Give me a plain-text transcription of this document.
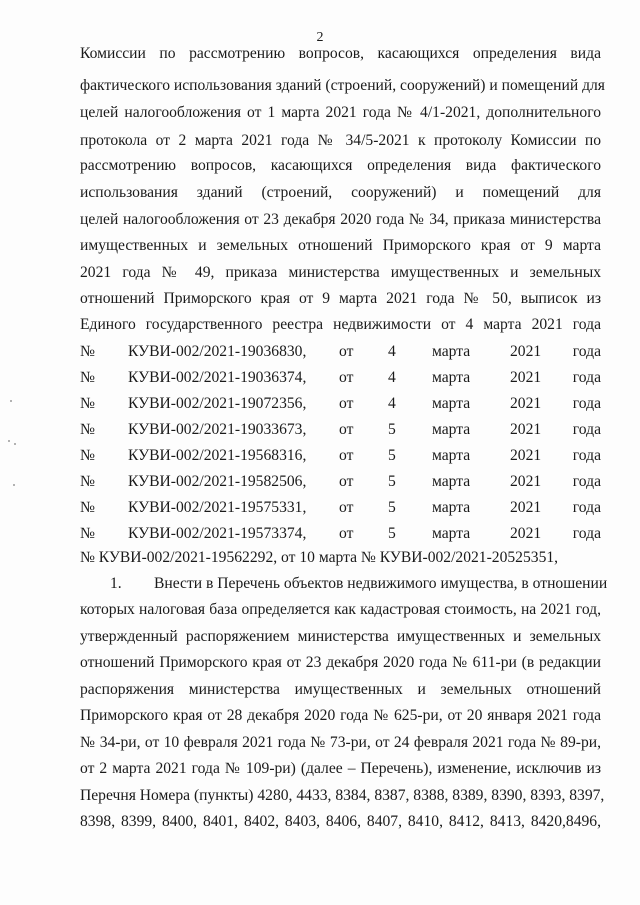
2
Комиссии по рассмотрению вопросов, касающихся определения вида
фактического использования зданий (строений, сооружений) и помещений для
целей налогообложения от 1 марта 2021 года № 4/1-2021, дополнительного
протокола от 2 марта 2021 года № 34/5-2021 к протоколу Комиссии по
рассмотрению вопросов, касающихся определения вида фактического
использования зданий (строений, сооружений) и помещений для
целей налогообложения от 23 декабря 2020 года № 34, приказа министерства
имущественных и земельных отношений Приморского края от 9 марта
2021 года № 49, приказа министерства имущественных и земельных
отношений Приморского края от 9 марта 2021 года № 50, выписок из
Единого государственного реестра недвижимости от 4 марта 2021 года
№ КУВИ-002/2021-19036830, от 4 марта	2021 года
№ КУВИ-002/2021-19036374, от 4 марта	2021 года
№ КУВИ-002/2021-19072356, от 4 марта	2021 года
№ КУВИ-002/2021-19033673, от 5 марта	2021 года
№ КУВИ-002/2021-19568316, от 5 марта	2021 года
№ КУВИ-002/2021-19582506, от 5 марта	2021 года
№ КУВИ-002/2021-19575331, от 5 марта	2021 года
№ КУВИ-002/2021-19573374, от 5 марта	2021 года
№ КУВИ-002/2021-19562292, от 10 марта № КУВИ-002/2021-20525351,
1. Внести в Перечень объектов недвижимого имущества, в отношении
которых налоговая база определяется как кадастровая стоимость, на 2021 год,
утвержденный распоряжением министерства имущественных и земельных
отношений Приморского края от 23 декабря 2020 года № 611-ри (в редакции
распоряжения министерства имущественных и земельных отношений
Приморского края от 28 декабря 2020 года № 625-ри, от 20 января 2021 года
№ 34-ри, от 10 февраля 2021 года № 73-ри, от 24 февраля 2021 года № 89-ри,
от 2 марта 2021 года № 109-ри) (далее – Перечень), изменение, исключив из
Перечня Номера (пункты) 4280, 4433, 8384, 8387, 8388, 8389, 8390, 8393, 8397,
8398, 8399, 8400, 8401, 8402, 8403, 8406, 8407, 8410, 8412, 8413, 8420,8496,
